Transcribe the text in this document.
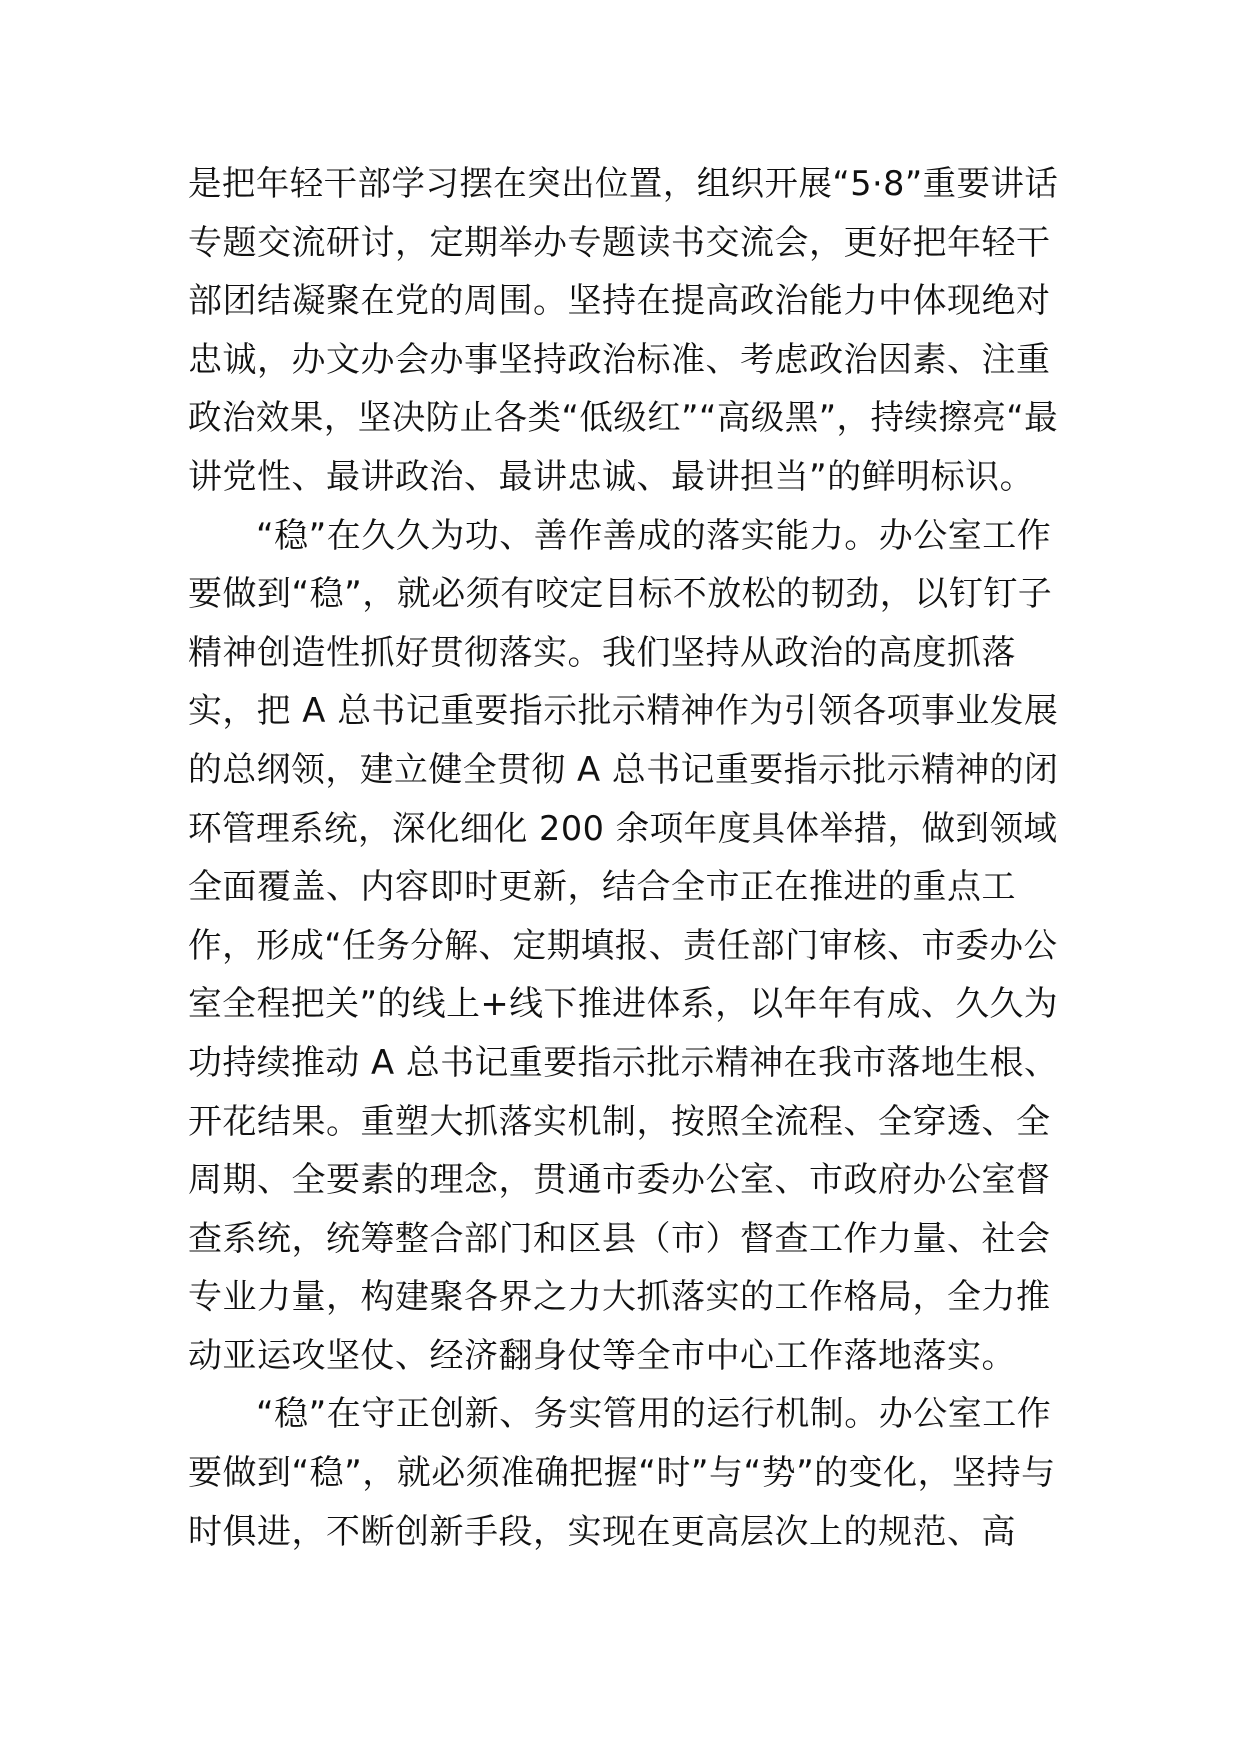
是把年轻干部学习摆在突出位置，组织开展“5·8”重要讲话
专题交流研讨，定期举办专题读书交流会，更好把年轻干
部团结凝聚在党的周围。坚持在提高政治能力中体现绝对
忠诚，办文办会办事坚持政治标准、考虑政治因素、注重
政治效果，坚决防止各类“低级红”“高级黑”，持续擦亮“最
讲党性、最讲政治、最讲忠诚、最讲担当”的鲜明标识。
“稳”在久久为功、善作善成的落实能力。办公室工作
要做到“稳”，就必须有咬定目标不放松的韧劲，以钉钉子
精神创造性抓好贯彻落实。我们坚持从政治的高度抓落
实，把 A 总书记重要指示批示精神作为引领各项事业发展
的总纲领，建立健全贯彻 A 总书记重要指示批示精神的闭
环管理系统，深化细化 200 余项年度具体举措，做到领域
全面覆盖、内容即时更新，结合全市正在推进的重点工
作，形成“任务分解、定期填报、责任部门审核、市委办公
室全程把关”的线上+线下推进体系，以年年有成、久久为
功持续推动 A 总书记重要指示批示精神在我市落地生根、
开花结果。重塑大抓落实机制，按照全流程、全穿透、全
周期、全要素的理念，贯通市委办公室、市政府办公室督
查系统，统筹整合部门和区县（市）督查工作力量、社会
专业力量，构建聚各界之力大抓落实的工作格局，全力推
动亚运攻坚仗、经济翻身仗等全市中心工作落地落实。
“稳”在守正创新、务实管用的运行机制。办公室工作
要做到“稳”，就必须准确把握“时”与“势”的变化，坚持与
时俱进，不断创新手段，实现在更高层次上的规范、高
